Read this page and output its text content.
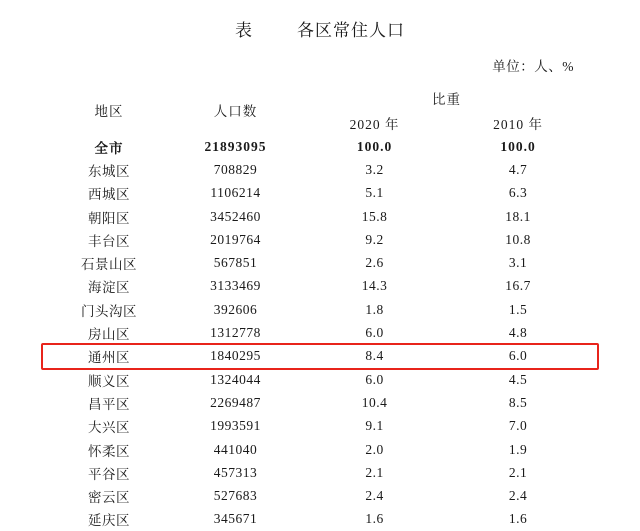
表	各区常住人口
单位：人、%
地区	人口数	比重	
		2020 年	2010 年
全市	21893095	100.0	100.0
东城区	708829	3.2	4.7
西城区	1106214	5.1	6.3
朝阳区	3452460	15.8	18.1
丰台区	2019764	9.2	10.8
石景山区	567851	2.6	3.1
海淀区	3133469	14.3	16.7
门头沟区	392606	1.8	1.5
房山区	1312778	6.0	4.8
通州区	1840295	8.4	6.0
顺义区	1324044	6.0	4.5
昌平区	2269487	10.4	8.5
大兴区	1993591	9.1	7.0
怀柔区	441040	2.0	1.9
平谷区	457313	2.1	2.1
密云区	527683	2.4	2.4
延庆区	345671	1.6	1.6
